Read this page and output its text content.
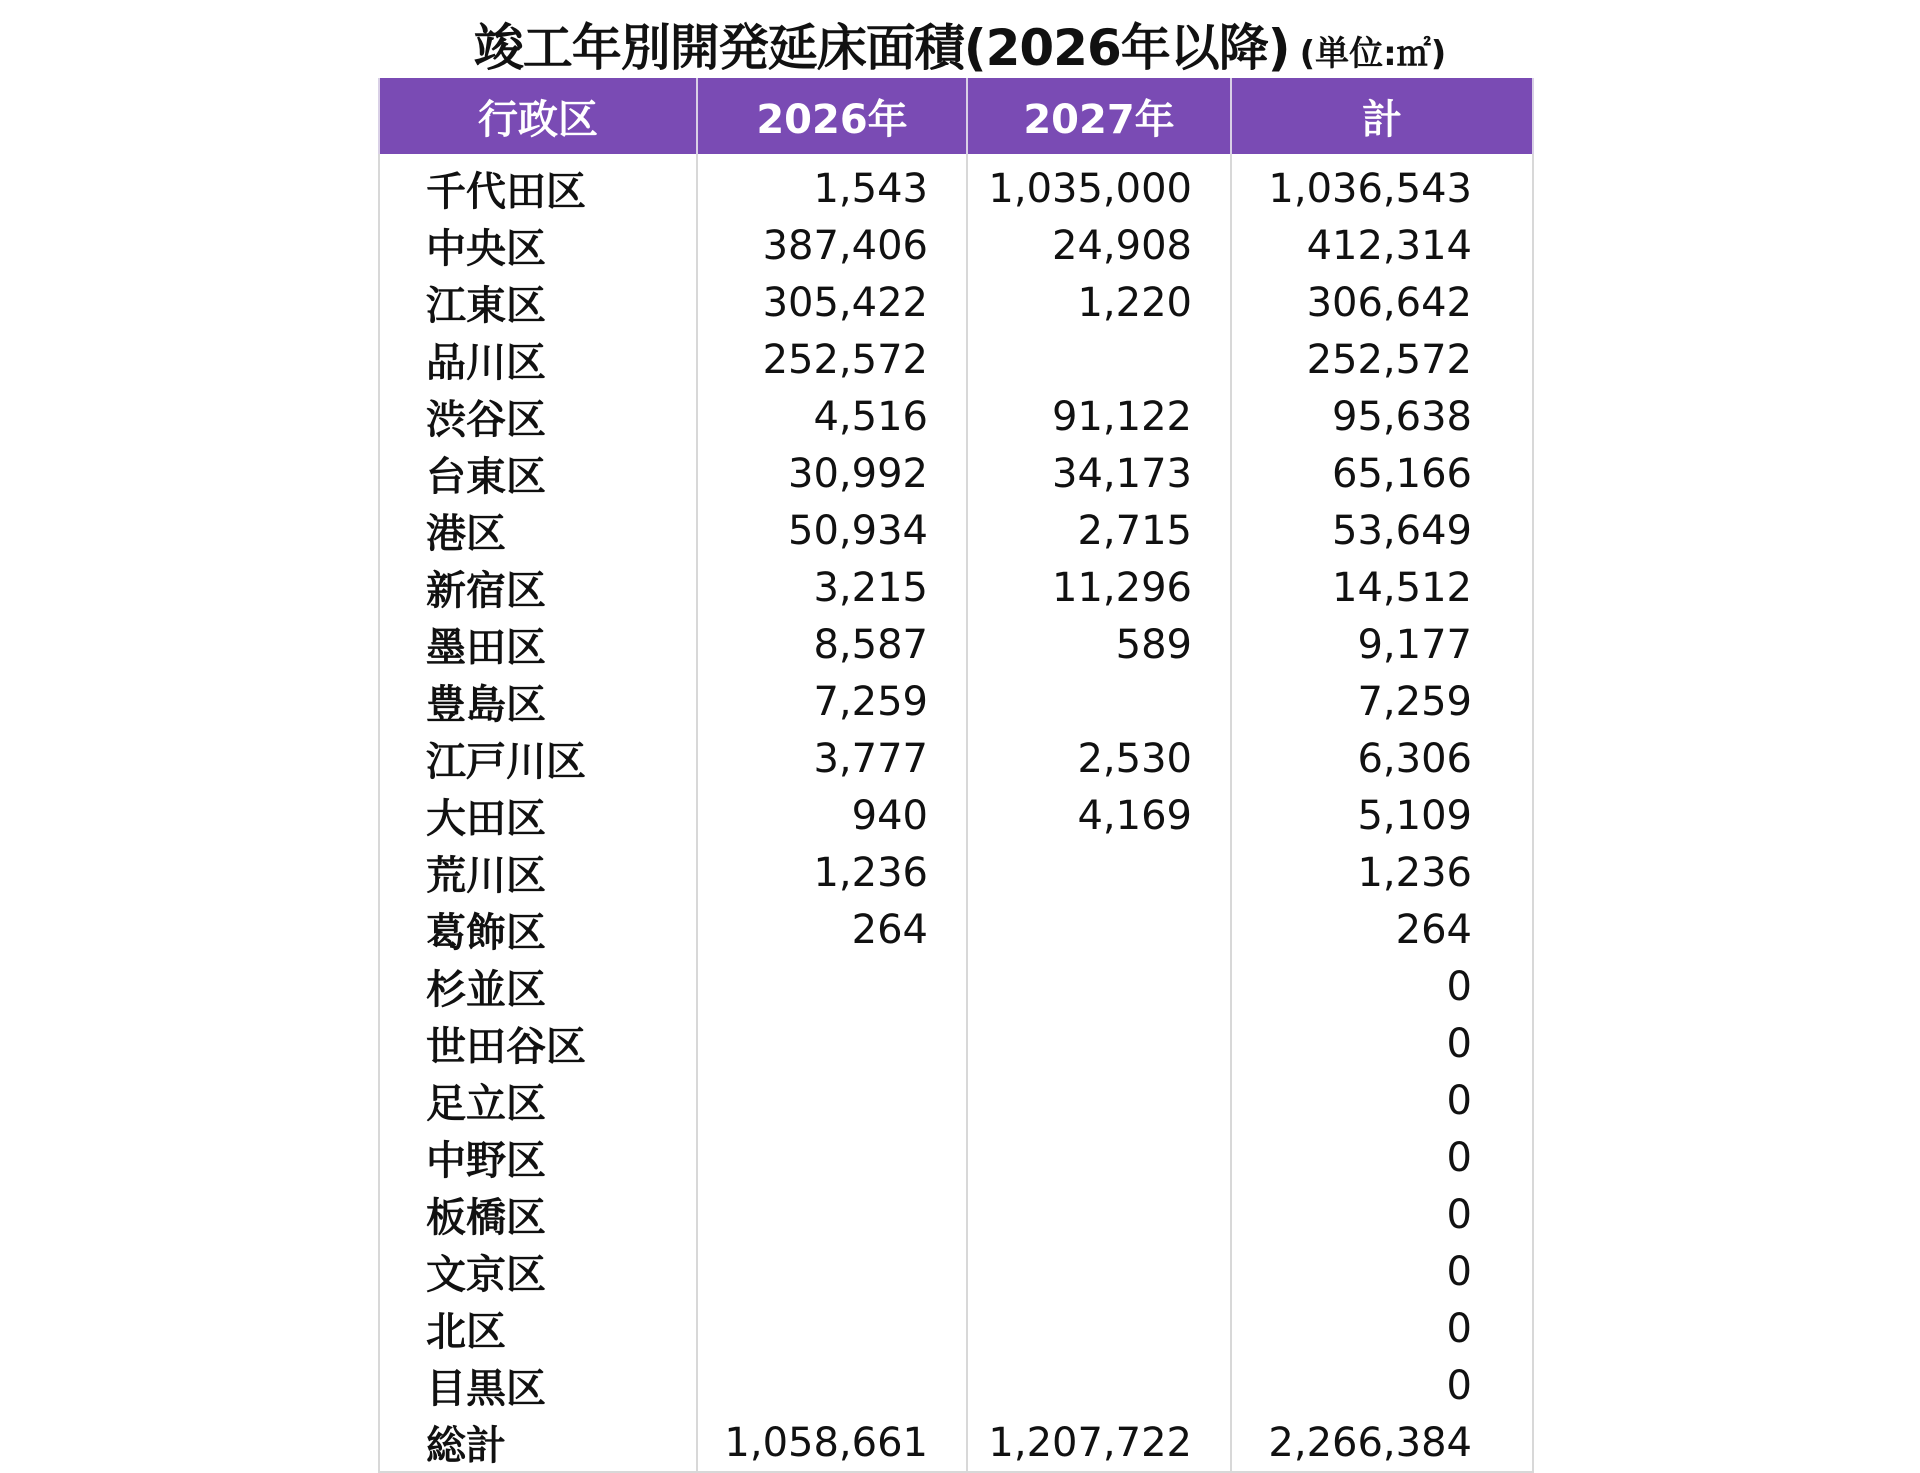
竣工年別開発延床面積(2026年以降) (単位:㎡)
行政区	2026年	2027年	計
千代田区	1,543	1,035,000	1,036,543
中央区	387,406	24,908	412,314
江東区	305,422	1,220	306,642
品川区	252,572		252,572
渋谷区	4,516	91,122	95,638
台東区	30,992	34,173	65,166
港区	50,934	2,715	53,649
新宿区	3,215	11,296	14,512
墨田区	8,587	589	9,177
豊島区	7,259		7,259
江戸川区	3,777	2,530	6,306
大田区	940	4,169	5,109
荒川区	1,236		1,236
葛飾区	264		264
杉並区			0
世田谷区			0
足立区			0
中野区			0
板橋区			0
文京区			0
北区			0
目黒区			0
総計	1,058,661	1,207,722	2,266,384
